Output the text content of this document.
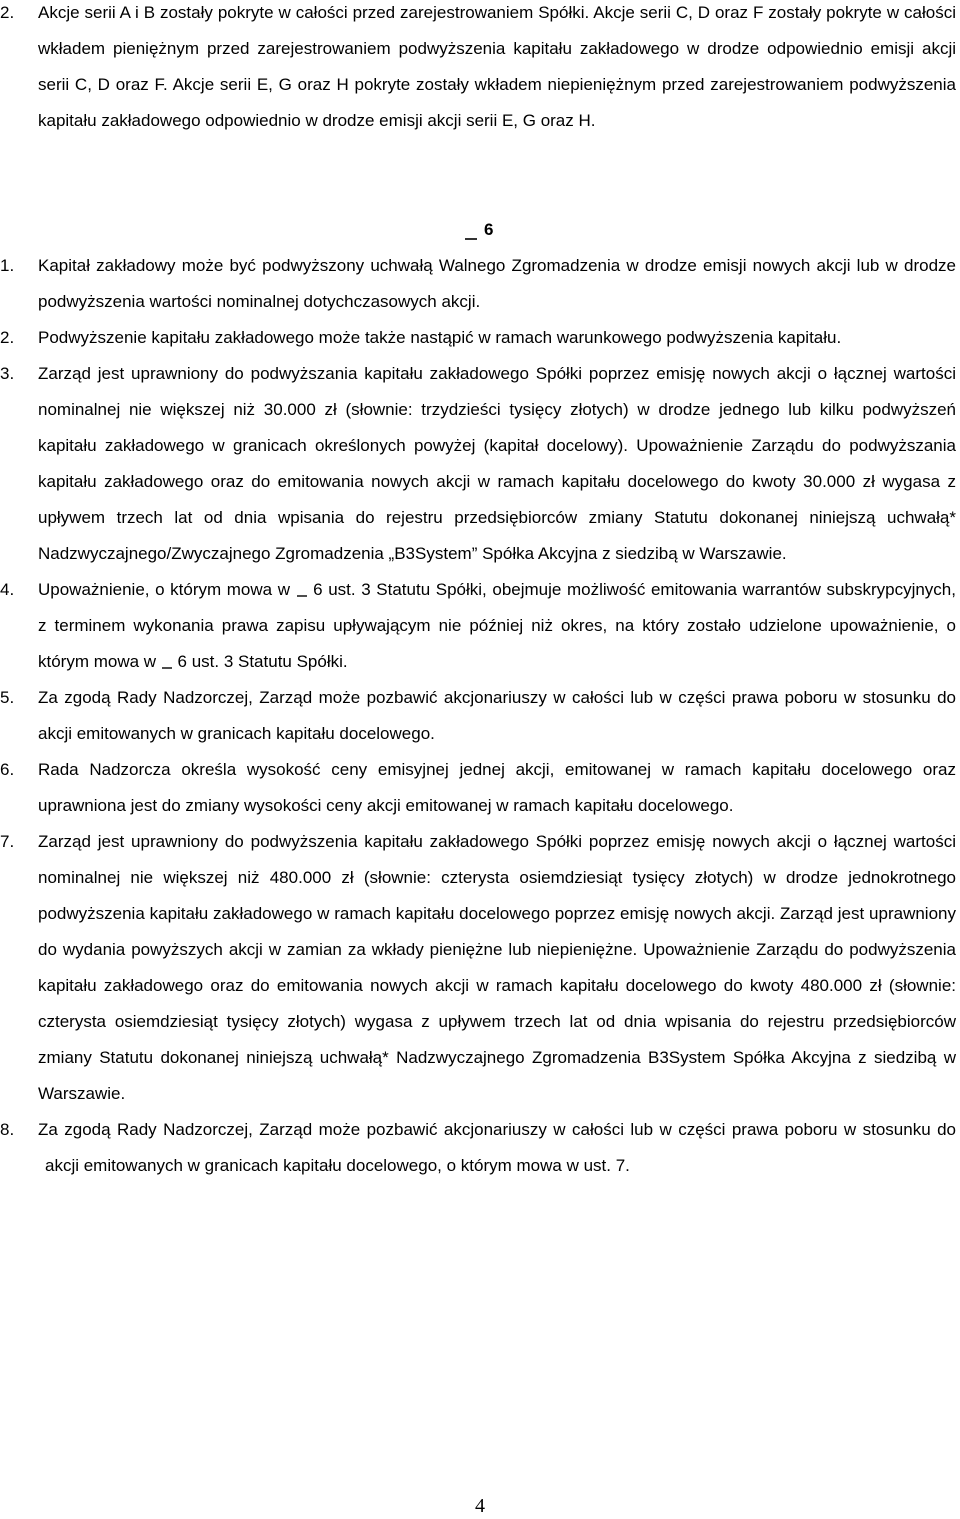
2. Akcje serii A i B zostały pokryte w całości przed zarejestrowaniem Spółki. Akcje serii C, D oraz F zostały pokryte w całości wkładem pieniężnym przed zarejestrowaniem podwyższenia kapitału zakładowego w drodze odpowiednio emisji akcji serii C, D oraz F. Akcje serii E, G oraz H pokryte zostały wkładem niepieniężnym przed zarejestrowaniem podwyższenia kapitału zakładowego odpowiednio w drodze emisji akcji serii E, G oraz H.
6
1. Kapitał zakładowy może być podwyższony uchwałą Walnego Zgromadzenia w drodze emisji nowych akcji lub w drodze podwyższenia wartości nominalnej dotychczasowych akcji.
2. Podwyższenie kapitału zakładowego może także nastąpić w ramach warunkowego podwyższenia kapitału.
3. Zarząd jest uprawniony do podwyższania kapitału zakładowego Spółki poprzez emisję nowych akcji o łącznej wartości nominalnej nie większej niż 30.000 zł (słownie: trzydzieści tysięcy złotych) w drodze jednego lub kilku podwyższeń kapitału zakładowego w granicach określonych powyżej (kapitał docelowy). Upoważnienie Zarządu do podwyższania kapitału zakładowego oraz do emitowania nowych akcji w ramach kapitału docelowego do kwoty 30.000 zł wygasa z upływem trzech lat od dnia wpisania do rejestru przedsiębiorców zmiany Statutu dokonanej niniejszą uchwałą* Nadzwyczajnego/Zwyczajnego Zgromadzenia „B3System” Spółka Akcyjna z siedzibą w Warszawie.
4. Upoważnienie, o którym mowa w  6 ust. 3 Statutu Spółki, obejmuje możliwość emitowania warrantów subskrypcyjnych, z terminem wykonania prawa zapisu upływającym nie później niż okres, na który zostało udzielone upoważnienie, o którym mowa w  6 ust. 3 Statutu Spółki.
5. Za zgodą Rady Nadzorczej, Zarząd może pozbawić akcjonariuszy w całości lub w części prawa poboru w stosunku do akcji emitowanych w granicach kapitału docelowego.
6. Rada Nadzorcza określa wysokość ceny emisyjnej jednej akcji, emitowanej w ramach kapitału docelowego oraz uprawniona jest do zmiany wysokości ceny akcji emitowanej w ramach kapitału docelowego.
7. Zarząd jest uprawniony do podwyższenia kapitału zakładowego Spółki poprzez emisję nowych akcji o łącznej wartości nominalnej nie większej niż 480.000 zł (słownie: czterysta osiemdziesiąt tysięcy złotych) w drodze jednokrotnego podwyższenia kapitału zakładowego w ramach kapitału docelowego poprzez emisję nowych akcji. Zarząd jest uprawniony do wydania powyższych akcji w zamian za wkłady pieniężne lub niepieniężne. Upoważnienie Zarządu do podwyższenia kapitału zakładowego oraz do emitowania nowych akcji w ramach kapitału docelowego do kwoty 480.000 zł (słownie: czterysta osiemdziesiąt tysięcy złotych) wygasa z upływem trzech lat od dnia wpisania do rejestru przedsiębiorców zmiany Statutu dokonanej niniejszą uchwałą* Nadzwyczajnego Zgromadzenia B3System Spółka Akcyjna z siedzibą w Warszawie.
8. Za zgodą Rady Nadzorczej, Zarząd może pozbawić akcjonariuszy w całości lub w części prawa poboru w stosunku do akcji emitowanych w granicach kapitału docelowego, o którym mowa w ust. 7.
4
